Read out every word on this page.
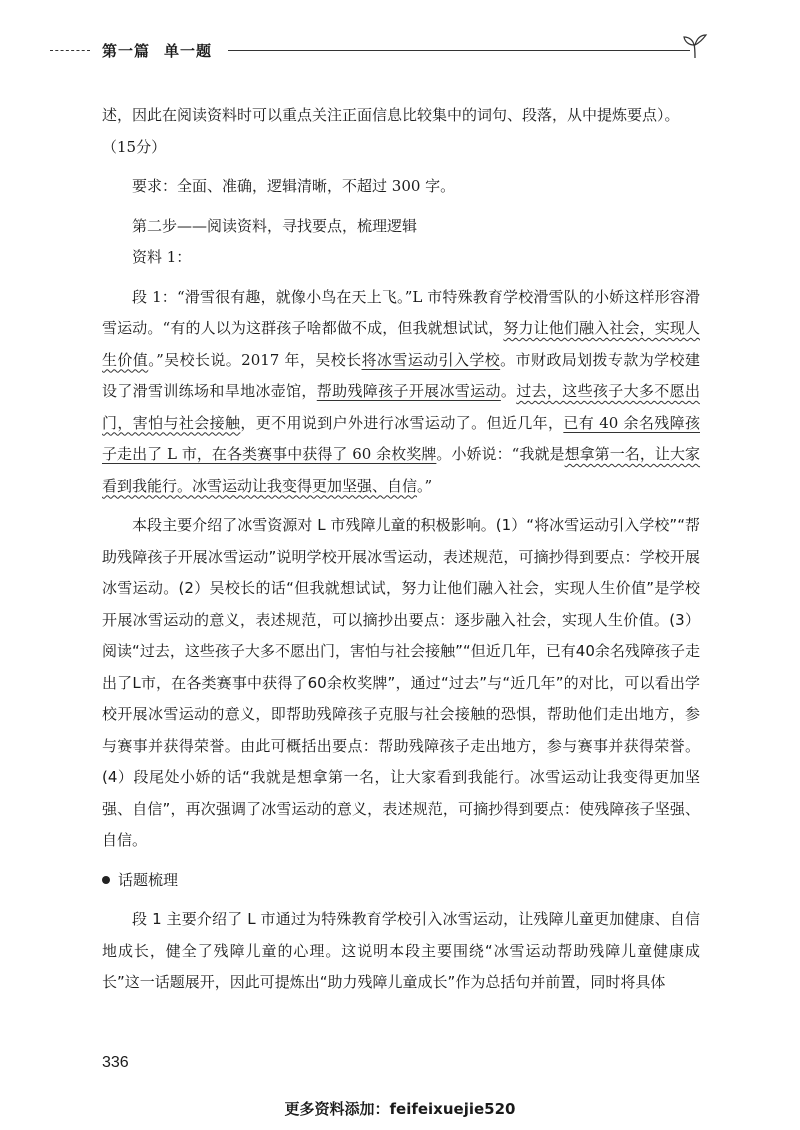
第一篇 单一题

述，因此在阅读资料时可以重点关注正面信息比较集中的词句、段落，从中提炼要点）。

（15分）

要求：全面、准确，逻辑清晰，不超过 300 字。

第二步——阅读资料，寻找要点，梳理逻辑

资料 1：

段 1：“滑雪很有趣，就像小鸟在天上飞。”L 市特殊教育学校滑雪队的小娇这样形容滑雪运动。“有的人以为这群孩子啥都做不成，但我就想试试，努力让他们融入社会，实现人生价值。”吴校长说。2017 年，吴校长将冰雪运动引入学校。市财政局划拨专款为学校建设了滑雪训练场和旱地冰壶馆，帮助残障孩子开展冰雪运动。过去，这些孩子大多不愿出门，害怕与社会接触，更不用说到户外进行冰雪运动了。但近几年，已有 40 余名残障孩子走出了 L 市，在各类赛事中获得了 60 余枚奖牌。小娇说：“我就是想拿第一名，让大家看到我能行。冰雪运动让我变得更加坚强、自信。”

本段主要介绍了冰雪资源对 L 市残障儿童的积极影响。(1）“将冰雪运动引入学校”“帮助残障孩子开展冰雪运动”说明学校开展冰雪运动，表述规范，可摘抄得到要点：学校开展冰雪运动。(2）吴校长的话“但我就想试试，努力让他们融入社会，实现人生价值”是学校开展冰雪运动的意义，表述规范，可以摘抄出要点：逐步融入社会，实现人生价值。(3）阅读“过去，这些孩子大多不愿出门，害怕与社会接触”“但近几年，已有40余名残障孩子走出了L市，在各类赛事中获得了60余枚奖牌”，通过“过去”与“近几年”的对比，可以看出学校开展冰雪运动的意义，即帮助残障孩子克服与社会接触的恐惧，帮助他们走出地方，参与赛事并获得荣誉。由此可概括出要点：帮助残障孩子走出地方，参与赛事并获得荣誉。(4）段尾处小娇的话“我就是想拿第一名，让大家看到我能行。冰雪运动让我变得更加坚强、自信”，再次强调了冰雪运动的意义，表述规范，可摘抄得到要点：使残障孩子坚强、自信。

话题梳理

段 1 主要介绍了 L 市通过为特殊教育学校引入冰雪运动，让残障儿童更加健康、自信地成长，健全了残障儿童的心理。这说明本段主要围绕“冰雪运动帮助残障儿童健康成长”这一话题展开，因此可提炼出“助力残障儿童成长”作为总括句并前置，同时将具体

336
更多资料添加：feifeixuejie520
